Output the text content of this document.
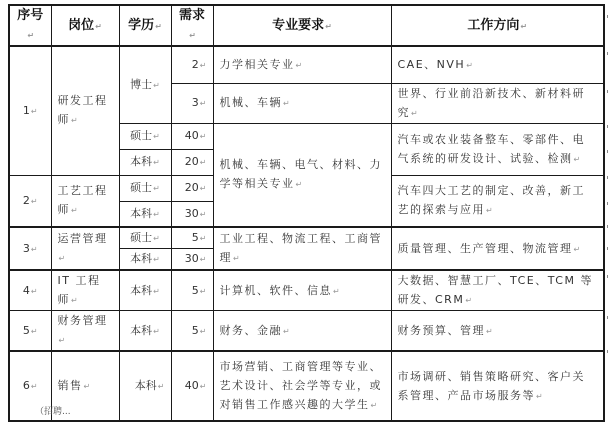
序号↵	岗位↵	学历↵	需求↵	专业要求↵	工作方向↵
1↵	研发工程师↵	博士↵	2↵	力学相关专业↵	CAE、NVH↵
			3↵	机械、车辆↵	世界、行业前沿新技术、新材料研究↵
		硕士↵	40↵	机械、车辆、电气、材料、力学等相关专业↵	汽车或农业装备整车、零部件、电气系统的研发设计、试验、检测↵
		本科↵	20↵		
2↵	工艺工程师↵	硕士↵	20↵		汽车四大工艺的制定、改善，新工艺的探索与应用↵
		本科↵	30↵		
3↵	运营管理↵	硕士↵	5↵	工业工程、物流工程、工商管理↵	质量管理、生产管理、物流管理↵
		本科↵	30↵		
4↵	IT 工程师↵	本科↵	5↵	计算机、软件、信息↵	大数据、智慧工厂、TCE、TCM 等研发、CRM↵
5↵	财务管理↵	本科↵	5↵	财务、金融↵	财务预算、管理↵
6↵	销售↵	本科↵	40↵	市场营销、工商管理等专业、艺术设计、社会学等专业，或对销售工作感兴趣的大学生↵	市场调研、销售策略研究、客户关系管理、产品市场服务等↵
（招聘...
